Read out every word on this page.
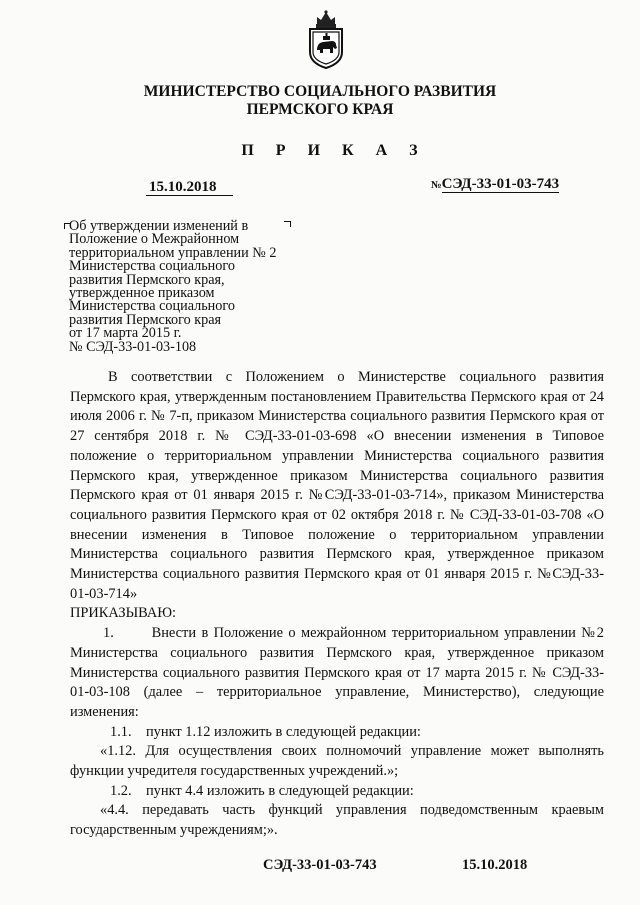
МИНИСТЕРСТВО СОЦИАЛЬНОГО РАЗВИТИЯ
ПЕРМСКОГО КРАЯ
П Р И К А З
15.10.2018	№СЭД-33-01-03-743
Об утверждении изменений в
Положение о Межрайонном
территориальном управлении № 2
Министерства социального
развития Пермского края,
утвержденное приказом
Министерства социального
развития Пермского края
от 17 марта 2015 г.
№ СЭД-33-01-03-108

В соответствии с Положением о Министерстве социального развития Пермского края, утвержденным постановлением Правительства Пермского края от 24 июля 2006 г. № 7-п, приказом Министерства социального развития Пермского края от 27 сентября 2018 г. № СЭД-33-01-03-698 «О внесении изменения в Типовое положение о территориальном управлении Министерства социального развития Пермского края, утвержденное приказом Министерства социального развития Пермского края от 01 января 2015 г. №СЭД-33-01-03-714», приказом Министерства социального развития Пермского края от 02 октября 2018 г. № СЭД-33-01-03-708 «О внесении изменения в Типовое положение о территориальном управлении Министерства социального развития Пермского края, утвержденное приказом Министерства социального развития Пермского края от 01 января 2015 г. №СЭД-33-01-03-714»

ПРИКАЗЫВАЮ:

1.       Внести в Положение о межрайонном территориальном управлении №2 Министерства социального развития Пермского края, утвержденное приказом Министерства социального развития Пермского края от 17 марта 2015 г. № СЭД-33-01-03-108 (далее – территориальное управление, Министерство), следующие изменения:

1.1.    пункт 1.12 изложить в следующей редакции:

«1.12. Для осуществления своих полномочий управление может выполнять функции учредителя государственных учреждений.»;

1.2.    пункт 4.4 изложить в следующей редакции:

«4.4. передавать часть функций управления подведомственным краевым государственным учреждениям;».

СЭД-33-01-03-743	15.10.2018
